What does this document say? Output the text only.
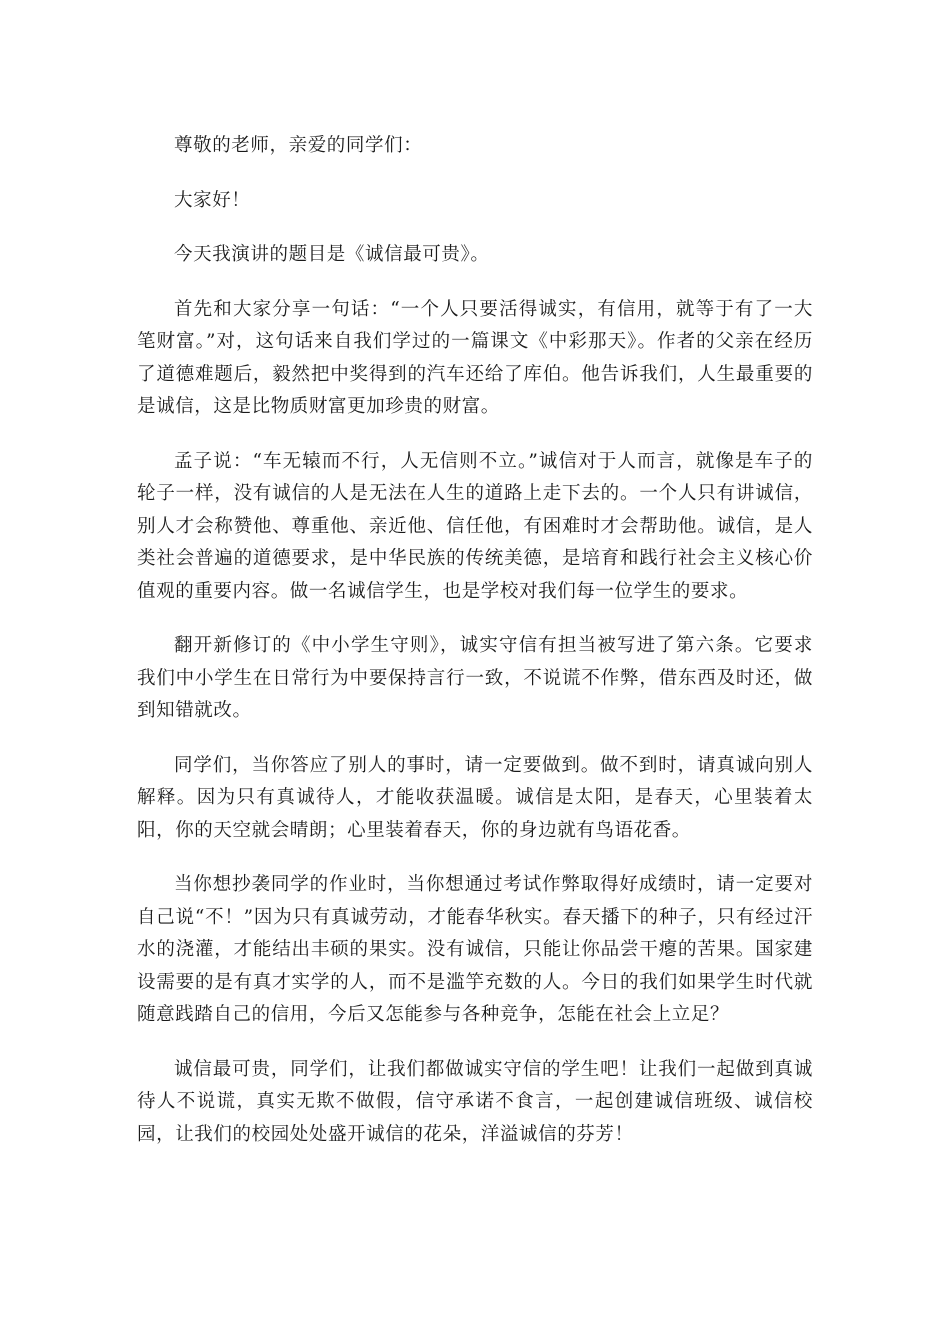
尊敬的老师，亲爱的同学们：

大家好！

今天我演讲的题目是《诚信最可贵》。

首先和大家分享一句话：“一个人只要活得诚实，有信用，就等于有了一大笔财富。”对，这句话来自我们学过的一篇课文《中彩那天》。作者的父亲在经历了道德难题后，毅然把中奖得到的汽车还给了库伯。他告诉我们，人生最重要的是诚信，这是比物质财富更加珍贵的财富。

孟子说：“车无辕而不行，人无信则不立。”诚信对于人而言，就像是车子的轮子一样，没有诚信的人是无法在人生的道路上走下去的。一个人只有讲诚信，别人才会称赞他、尊重他、亲近他、信任他，有困难时才会帮助他。诚信，是人类社会普遍的道德要求，是中华民族的传统美德，是培育和践行社会主义核心价值观的重要内容。做一名诚信学生，也是学校对我们每一位学生的要求。

翻开新修订的《中小学生守则》，诚实守信有担当被写进了第六条。它要求我们中小学生在日常行为中要保持言行一致，不说谎不作弊，借东西及时还，做到知错就改。

同学们，当你答应了别人的事时，请一定要做到。做不到时，请真诚向别人解释。因为只有真诚待人，才能收获温暖。诚信是太阳，是春天，心里装着太阳，你的天空就会晴朗；心里装着春天，你的身边就有鸟语花香。

当你想抄袭同学的作业时，当你想通过考试作弊取得好成绩时，请一定要对自己说“不！”因为只有真诚劳动，才能春华秋实。春天播下的种子，只有经过汗水的浇灌，才能结出丰硕的果实。没有诚信，只能让你品尝干瘪的苦果。国家建设需要的是有真才实学的人，而不是滥竽充数的人。今日的我们如果学生时代就随意践踏自己的信用，今后又怎能参与各种竞争，怎能在社会上立足？

诚信最可贵，同学们，让我们都做诚实守信的学生吧！让我们一起做到真诚待人不说谎，真实无欺不做假，信守承诺不食言，一起创建诚信班级、诚信校园，让我们的校园处处盛开诚信的花朵，洋溢诚信的芬芳！
